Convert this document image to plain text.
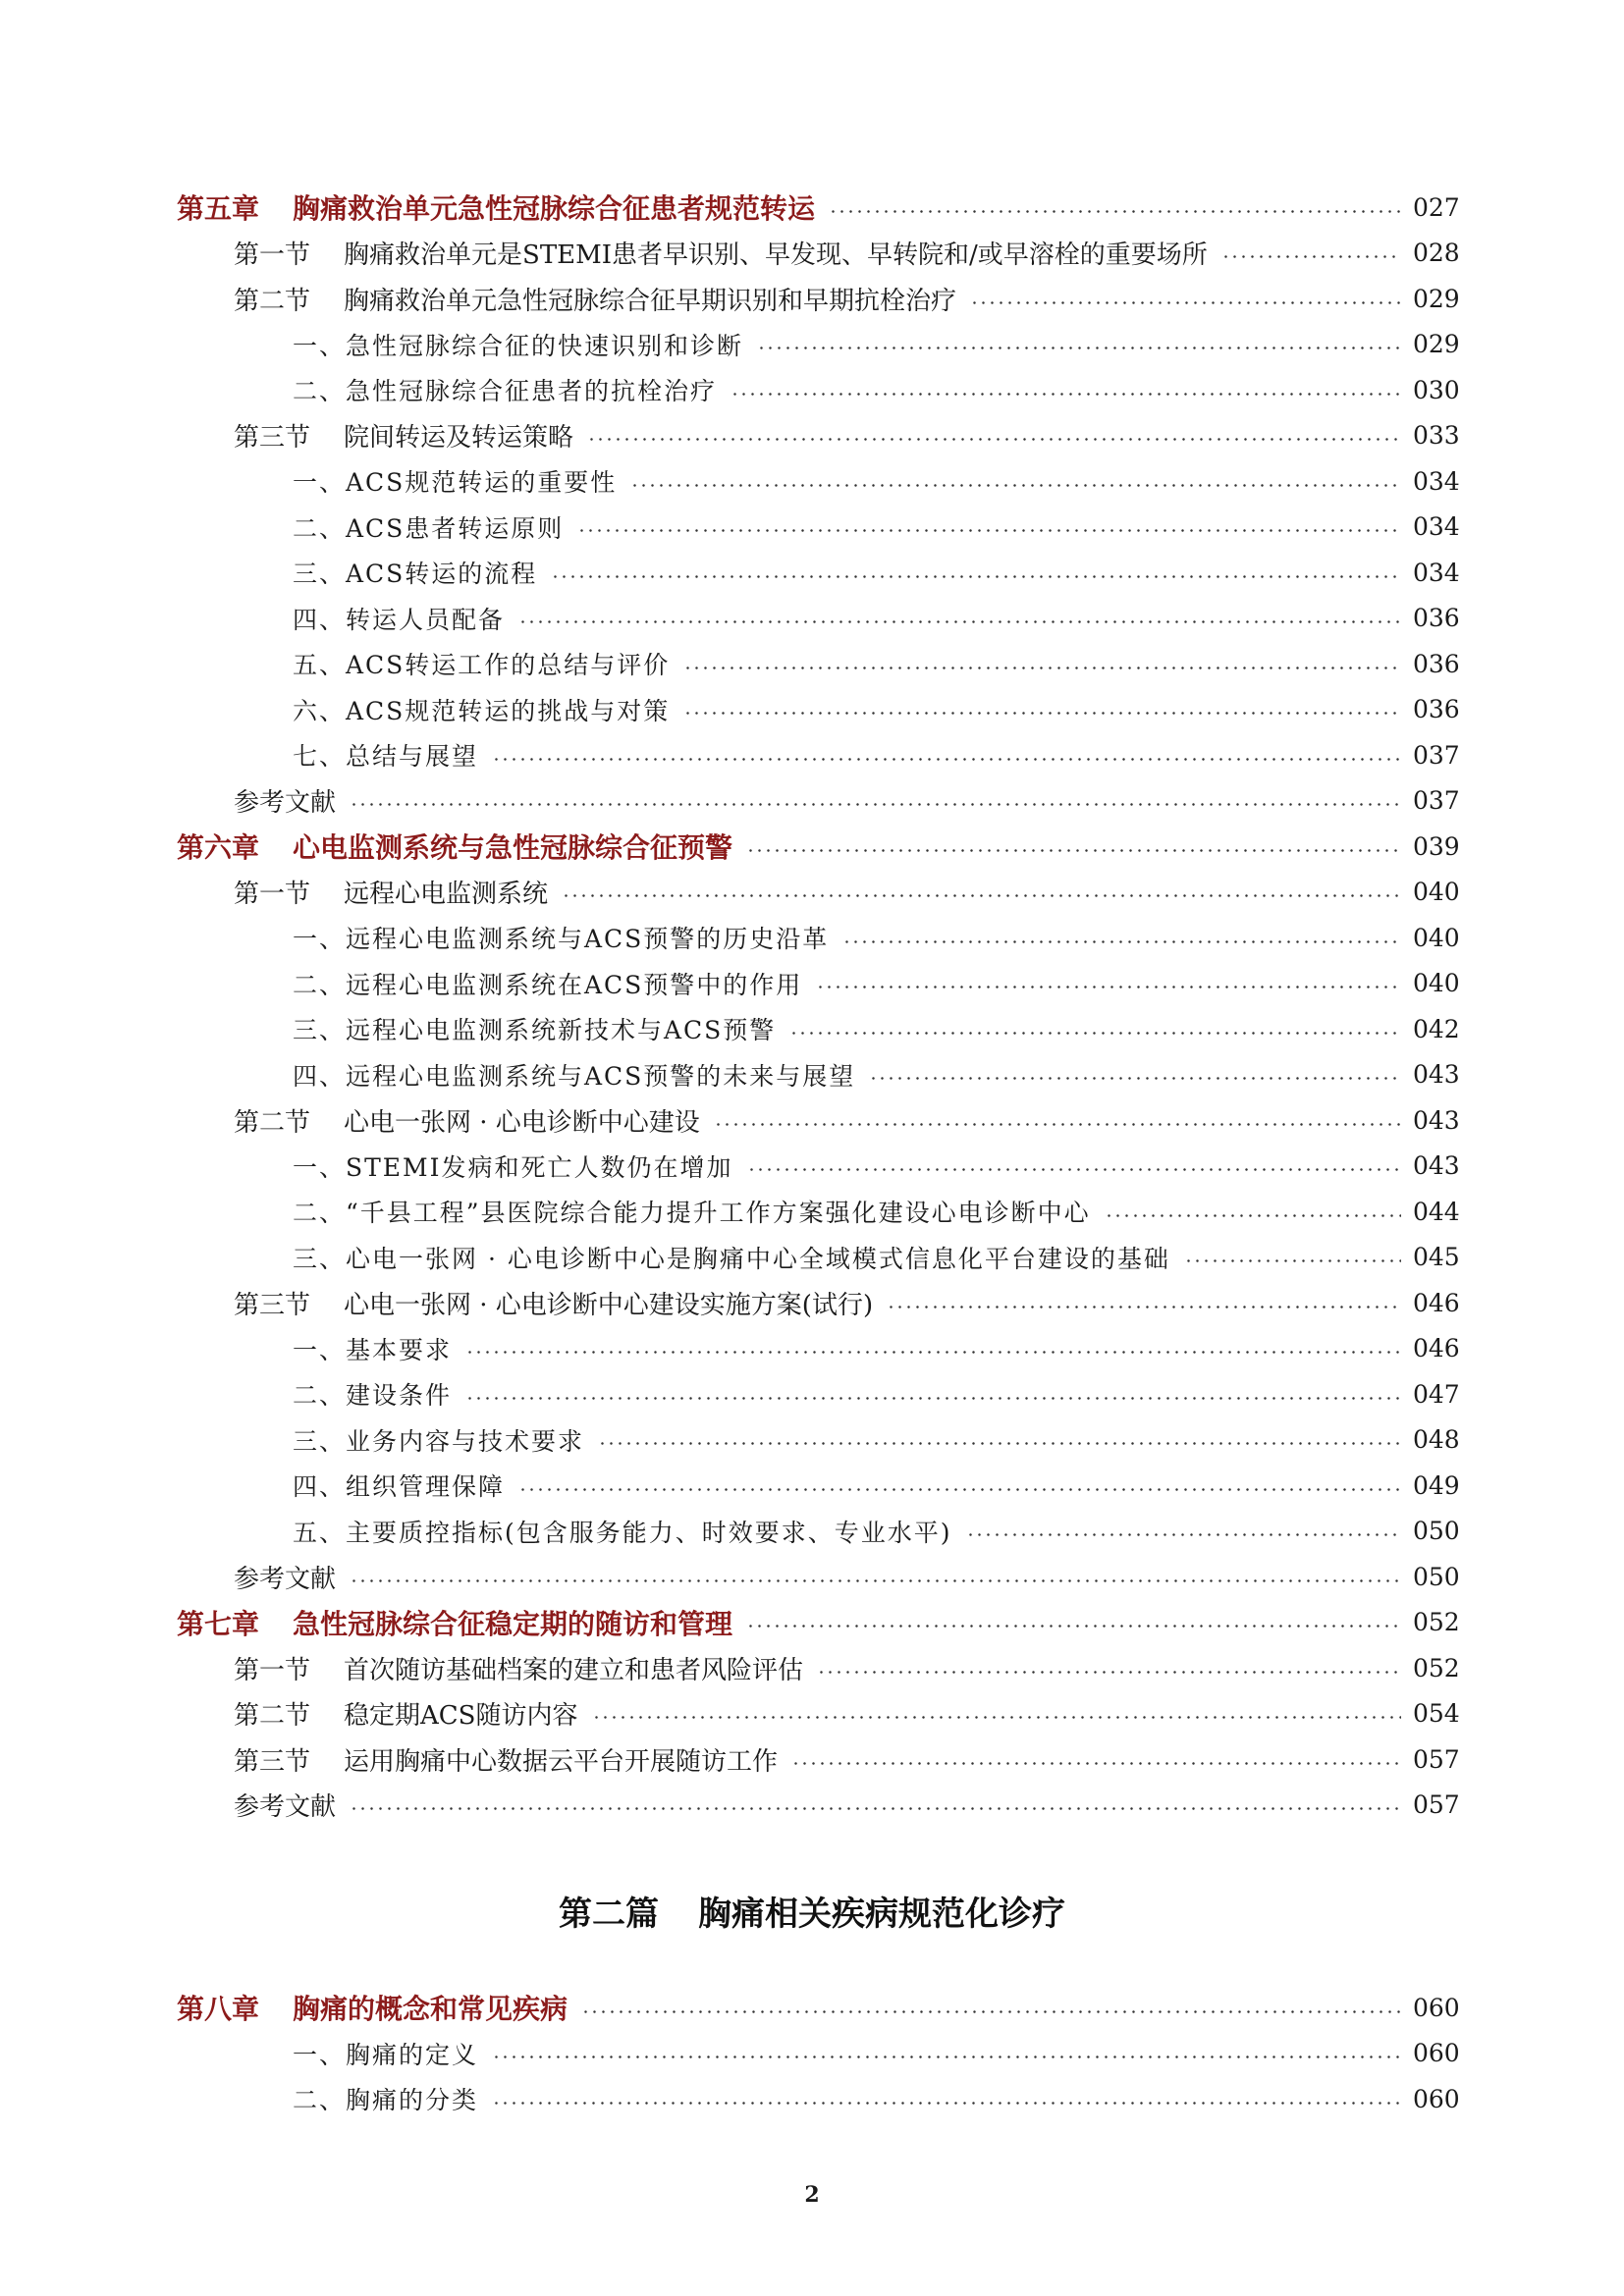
第五章 胸痛救治单元急性冠脉综合征患者规范转运	027
第一节 胸痛救治单元是STEMI患者早识别、早发现、早转院和/或早溶栓的重要场所	028
第二节 胸痛救治单元急性冠脉综合征早期识别和早期抗栓治疗	029
一、急性冠脉综合征的快速识别和诊断	029
二、急性冠脉综合征患者的抗栓治疗	030
第三节 院间转运及转运策略	033
一、ACS规范转运的重要性	034
二、ACS患者转运原则	034
三、ACS转运的流程	034
四、转运人员配备	036
五、ACS转运工作的总结与评价	036
六、ACS规范转运的挑战与对策	036
七、总结与展望	037
参考文献	037
第六章 心电监测系统与急性冠脉综合征预警	039
第一节 远程心电监测系统	040
一、远程心电监测系统与ACS预警的历史沿革	040
二、远程心电监测系统在ACS预警中的作用	040
三、远程心电监测系统新技术与ACS预警	042
四、远程心电监测系统与ACS预警的未来与展望	043
第二节 心电一张网 · 心电诊断中心建设	043
一、STEMI发病和死亡人数仍在增加	043
二、“千县工程”县医院综合能力提升工作方案强化建设心电诊断中心	044
三、心电一张网 · 心电诊断中心是胸痛中心全域模式信息化平台建设的基础	045
第三节 心电一张网 · 心电诊断中心建设实施方案(试行)	046
一、基本要求	046
二、建设条件	047
三、业务内容与技术要求	048
四、组织管理保障	049
五、主要质控指标(包含服务能力、时效要求、专业水平)	050
参考文献	050
第七章 急性冠脉综合征稳定期的随访和管理	052
第一节 首次随访基础档案的建立和患者风险评估	052
第二节 稳定期ACS随访内容	054
第三节 运用胸痛中心数据云平台开展随访工作	057
参考文献	057
第二篇 胸痛相关疾病规范化诊疗
第八章 胸痛的概念和常见疾病	060
一、胸痛的定义	060
二、胸痛的分类	060
2
